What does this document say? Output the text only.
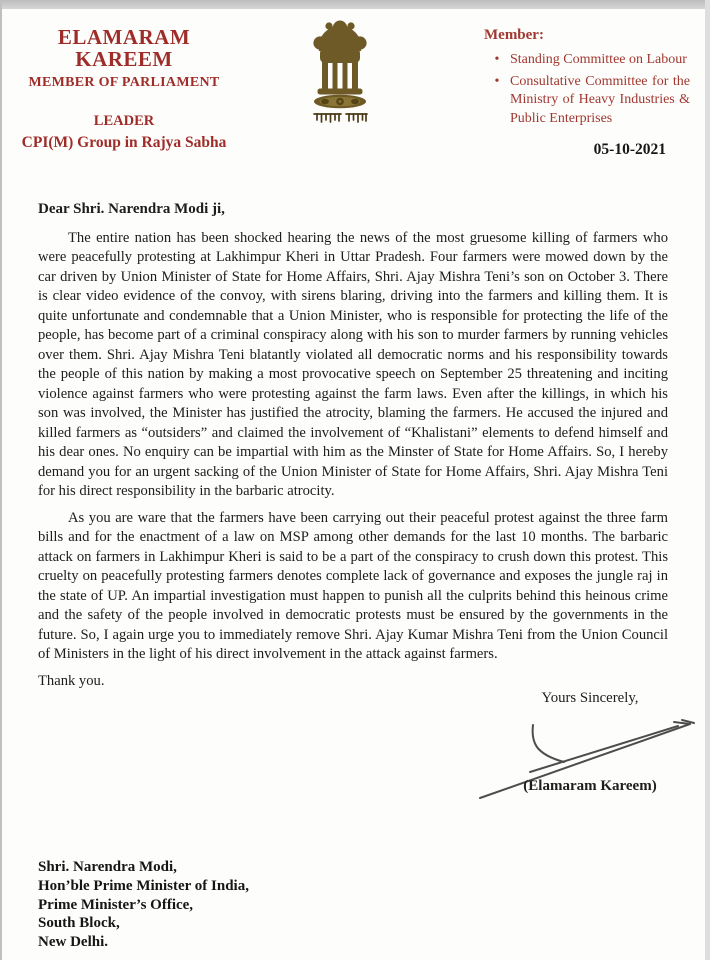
ELAMARAM KAREEM
MEMBER OF PARLIAMENT
LEADER
CPI(M) Group in Rajya Sabha
Member:
• Standing Committee on Labour
• Consultative Committee for the Ministry of Heavy Industries & Public Enterprises
05-10-2021
Dear Shri. Narendra Modi ji,

The entire nation has been shocked hearing the news of the most gruesome killing of farmers who were peacefully protesting at Lakhimpur Kheri in Uttar Pradesh. Four farmers were mowed down by the car driven by Union Minister of State for Home Affairs, Shri. Ajay Mishra Teni’s son on October 3. There is clear video evidence of the convoy, with sirens blaring, driving into the farmers and killing them. It is quite unfortunate and condemnable that a Union Minister, who is responsible for protecting the life of the people, has become part of a criminal conspiracy along with his son to murder farmers by running vehicles over them. Shri. Ajay Mishra Teni blatantly violated all democratic norms and his responsibility towards the people of this nation by making a most provocative speech on September 25 threatening and inciting violence against farmers who were protesting against the farm laws. Even after the killings, in which his son was involved, the Minister has justified the atrocity, blaming the farmers. He accused the injured and killed farmers as “outsiders” and claimed the involvement of “Khalistani” elements to defend himself and his dear ones. No enquiry can be impartial with him as the Minster of State for Home Affairs. So, I hereby demand you for an urgent sacking of the Union Minister of State for Home Affairs, Shri. Ajay Mishra Teni for his direct responsibility in the barbaric atrocity.

As you are ware that the farmers have been carrying out their peaceful protest against the three farm bills and for the enactment of a law on MSP among other demands for the last 10 months. The barbaric attack on farmers in Lakhimpur Kheri is said to be a part of the conspiracy to crush down this protest. This cruelty on peacefully protesting farmers denotes complete lack of governance and exposes the jungle raj in the state of UP. An impartial investigation must happen to punish all the culprits behind this heinous crime and the safety of the people involved in democratic protests must be ensured by the governments in the future. So, I again urge you to immediately remove Shri. Ajay Kumar Mishra Teni from the Union Council of Ministers in the light of his direct involvement in the attack against farmers.

Thank you.
Yours Sincerely,
(Elamaram Kareem)
Shri. Narendra Modi,
Hon’ble Prime Minister of India,
Prime Minister’s Office,
South Block,
New Delhi.
